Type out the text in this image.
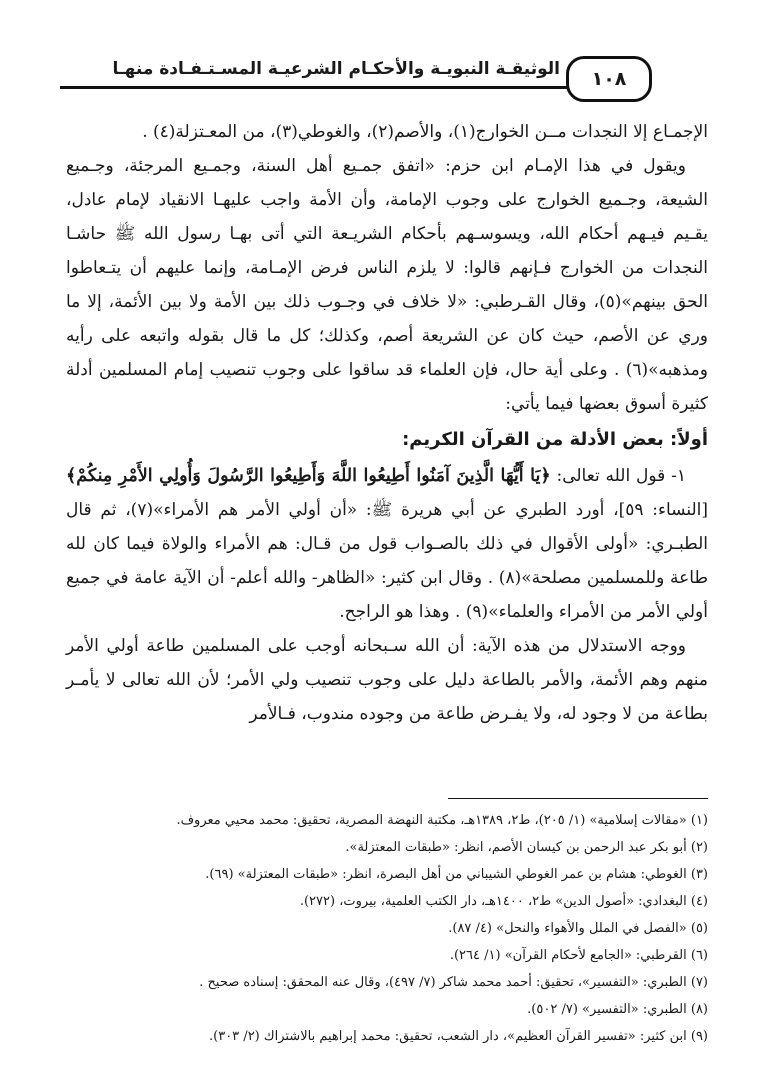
الوثيقـة النبويـة والأحكـام الشرعيـة المسـتـفـادة منهـا	١٠٨

الإجمـاع إلا النجدات مــن الخوارج(١)، والأصم(٢)، والغوطي(٣)، من المعـتزلة(٤) .

ويقول في هذا الإمـام ابن حزم: «اتفق جمـيع أهل السنة، وجمـيع المرجئة، وجـميع الشيعة، وجـميع الخوارج على وجوب الإمامة، وأن الأمة واجب عليهـا الانقياد لإمام عادل، يقـيم فيـهم أحكام الله، ويسوسـهم بأحكام الشريـعة التي أتى بهـا رسول الله ﷺ حاشـا النجدات من الخوارج فـإنهم قالوا: لا يلزم الناس فرض الإمـامة، وإنما عليهم أن يتـعاطوا الحق بينهم»(٥)، وقال القـرطبي: «لا خلاف في وجـوب ذلك بين الأمة ولا بين الأئمة، إلا ما وري عن الأصم، حيث كان عن الشريعة أصم، وكذلك؛ كل ما قال بقوله واتبعه على رأيه ومذهبه»(٦) . وعلى أية حال، فإن العلماء قد ساقوا على وجوب تنصيب إمام المسلمين أدلة كثيرة أسوق بعضها فيما يأتي:

أولاً: بعض الأدلة من القرآن الكريم:

١- قول الله تعالى: ﴿يَا أَيُّهَا الَّذِينَ آمَنُوا أَطِيعُوا اللَّهَ وَأَطِيعُوا الرَّسُولَ وَأُولِي الأَمْرِ مِنكُمْ﴾ [النساء: ٥٩]، أورد الطبري عن أبي هريرة ﷺ: «أن أولي الأمر هم الأمراء»(٧)، ثم قال الطبـري: «أولى الأقوال في ذلك بالصـواب قول من قـال: هم الأمراء والولاة فيما كان لله طاعة وللمسلمين مصلحة»(٨) . وقال ابن كثير: «الظاهر- والله أعلم- أن الآية عامة في جميع أولي الأمر من الأمراء والعلماء»(٩) . وهذا هو الراجح.

ووجه الاستدلال من هذه الآية: أن الله سـبحانه أوجب على المسلمين طاعة أولي الأمر منهم وهم الأئمة، والأمر بالطاعة دليل على وجوب تنصيب ولي الأمر؛ لأن الله تعالى لا يأمـر بطاعة من لا وجود له، ولا يفـرض طاعة من وجوده مندوب، فـالأمر

(١) «مقالات إسلامية» (١/ ٢٠٥)، ط٢، ١٣٨٩هـ، مكتبة النهضة المصرية، تحقيق: محمد محيي معروف.
(٢) أبو بكر عبد الرحمن بن كيسان الأصم، انظر: «طبقات المعتزلة».
(٣) الغوطي: هشام بن عمر الغوطي الشيباني من أهل البصرة، انظر: «طبقات المعتزلة» (٦٩).
(٤) البغدادي: «أصول الدين» ط٢، ١٤٠٠هـ، دار الكتب العلمية، بيروت، (٢٧٢).
(٥) «الفصل في الملل والأهواء والنحل» (٤/ ٨٧).
(٦) القرطبي: «الجامع لأحكام القرآن» (١/ ٢٦٤).
(٧) الطبري: «التفسير»، تحقيق: أحمد محمد شاكر (٧/ ٤٩٧)، وقال عنه المحقق: إسناده صحيح .
(٨) الطبري: «التفسير» (٧/ ٥٠٢).
(٩) ابن كثير: «تفسير القرآن العظيم»، دار الشعب، تحقيق: محمد إبراهيم بالاشتراك (٢/ ٣٠٣).
